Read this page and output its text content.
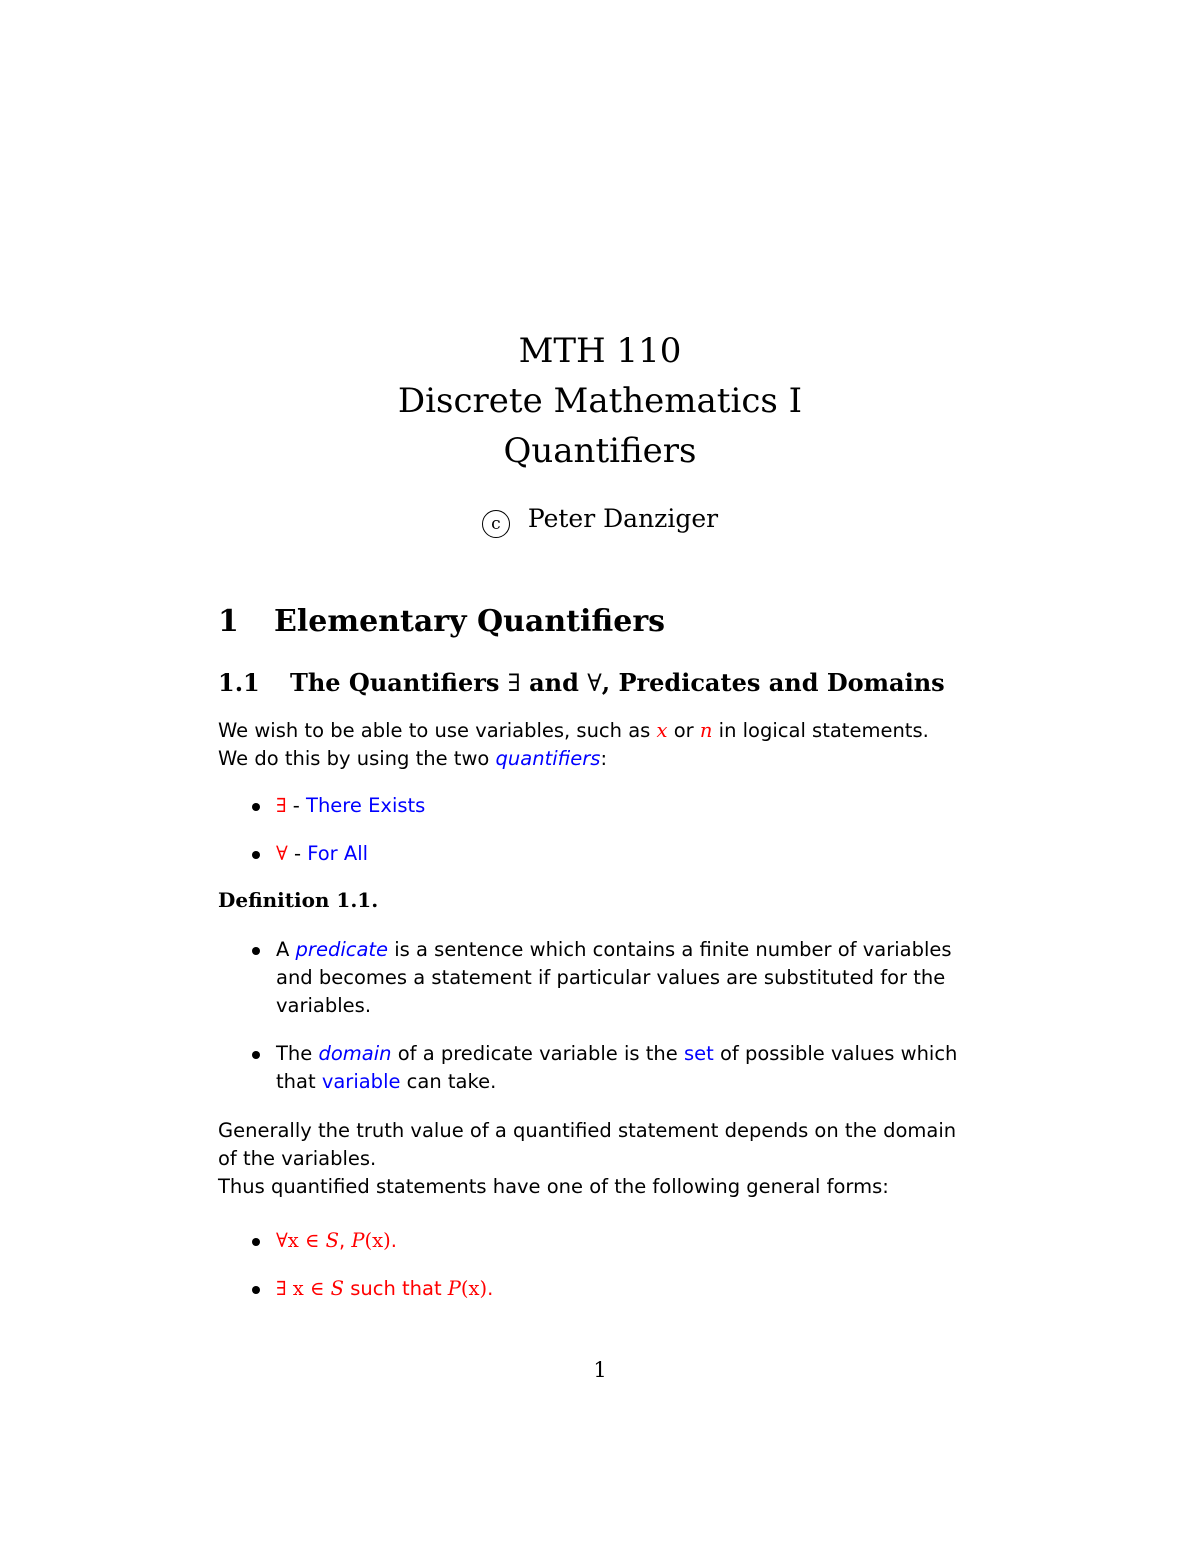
MTH 110
Discrete Mathematics I
Quantifiers
c Peter Danziger
1 Elementary Quantifiers
1.1 The Quantifiers ∃ and ∀, Predicates and Domains
We wish to be able to use variables, such as x or n in logical statements.
We do this by using the two quantifiers:
∃ - There Exists
∀ - For All
Definition 1.1.
A predicate is a sentence which contains a finite number of variables
and becomes a statement if particular values are substituted for the
variables.
The domain of a predicate variable is the set of possible values which
that variable can take.
Generally the truth value of a quantified statement depends on the domain
of the variables.
Thus quantified statements have one of the following general forms:
∀x ∈ S, P(x).
∃ x ∈ S such that P(x).
1
